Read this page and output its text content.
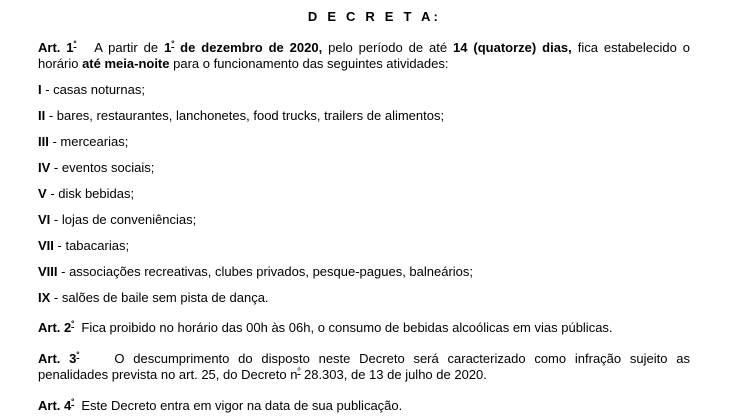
D E C R E T A:
Art. $1^º$ A partir de $1^º$ de dezembro de 2020, pelo período de até 14 (quatorze) dias, fica estabelecido o
horário até meia-noite para o funcionamento das seguintes atividades:
I - casas noturnas;
II - bares, restaurantes, lanchonetes, food trucks, trailers de alimentos;
III - mercearias;
IV - eventos sociais;
V - disk bebidas;
VI - lojas de conveniências;
VII - tabacarias;
VIII - associações recreativas, clubes privados, pesque-pagues, balneários;
IX - salões de baile sem pista de dança.
Art. $2^º$ Fica proibido no horário das 00h às 06h, o consumo de bebidas alcoólicas em vias públicas.
Art. $3^º$	O descumprimento do disposto neste Decreto será caracterizado como infração sujeito as
penalidades prevista no art. 25, do Decreto $n^º$ 28.303, de 13 de julho de 2020.
Art. $4^º$ Este Decreto entra em vigor na data de sua publicação.
